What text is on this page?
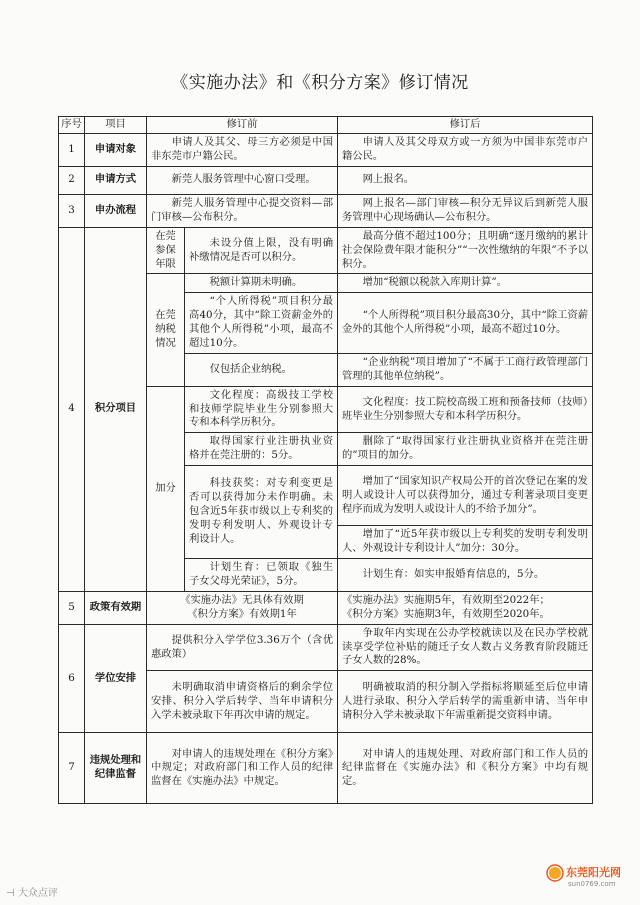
《实施办法》和《积分方案》修订情况
序号	项目	修订前		修订后
1	申请对象	申请人及其父、母三方必须是中国非东莞市户籍公民。		申请人及其父母双方或一方须为中国非东莞市户籍公民。
2	申请方式	新莞人服务管理中心窗口受理。		网上报名。
3	申办流程	新莞人服务管理中心提交资料—部门审核—公布积分。		网上报名—部门审核—积分无异议后到新莞人服务管理中心现场确认—公布积分。
4	积分项目	在莞参保年限	未设分值上限，没有明确补缴情况是否可以积分。	最高分值不超过100分；且明确“逐月缴纳的累计社会保险费年限才能积分”“一次性缴纳的年限”不予以积分。
		在莞纳税情况	税额计算期未明确。	增加“税额以税款入库期计算”。
			“个人所得税”项目积分最高40分，其中“除工资薪金外的其他个人所得税”小项，最高不超过10分。	“个人所得税”项目积分最高30分，其中“除工资薪金外的其他个人所得税”小项，最高不超过10分。
			仅包括企业纳税。	“企业纳税”项目增加了“不属于工商行政管理部门管理的其他单位纳税”。
		加分	文化程度：高级技工学校和技师学院毕业生分别参照大专和本科学历积分。	文化程度：技工院校高级工班和预备技师（技师）班毕业生分别参照大专和本科学历积分。
			取得国家行业注册执业资格并在莞注册的：5分。	删除了“取得国家行业注册执业资格并在莞注册的”项目的加分。
			科技获奖：对专利变更是否可以获得加分未作明确。未包含近5年获市级以上专利奖的发明专利发明人、外观设计专利设计人。	增加了“国家知识产权局公开的首次登记在案的发明人或设计人可以获得加分，通过专利著录项目变更程序而成为发明人或设计人的不给予加分”。
				增加了“近5年获市级以上专利奖的发明专利发明人、外观设计专利设计人”加分：30分。
			计划生育：已领取《独生子女父母光荣证》，5分。	计划生育：如实申报婚育信息的，5分。

5	政策有效期	《实施办法》无具体有效期
《积分方案》有效期1年		《实施办法》实施期5年，有效期至2022年；
《积分方案》实施期3年，有效期至2020年。
6	学位安排	提供积分入学学位3.36万个（含优惠政策）		争取年内实现在公办学校就读以及在民办学校就读享受学位补贴的随迁子女人数占义务教育阶段随迁子女人数的28%。
		未明确取消申请资格后的剩余学位安排、积分入学后转学、当年申请积分入学未被录取下年再次申请的规定。		明确被取消的积分制入学指标将顺延至后位申请人进行录取、积分入学后转学的需重新申请、当年申请积分入学未被录取下年需重新提交资料申请。
7	违规处理和纪律监督	对申请人的违规处理在《积分方案》中规定；对政府部门和工作人员的纪律监督在《实施办法》中规定。		对申请人的违规处理、对政府部门和工作人员的纪律监督在《实施办法》和《积分方案》中均有规定。
⊣ 大众点评
东莞阳光网
sun0769.com
